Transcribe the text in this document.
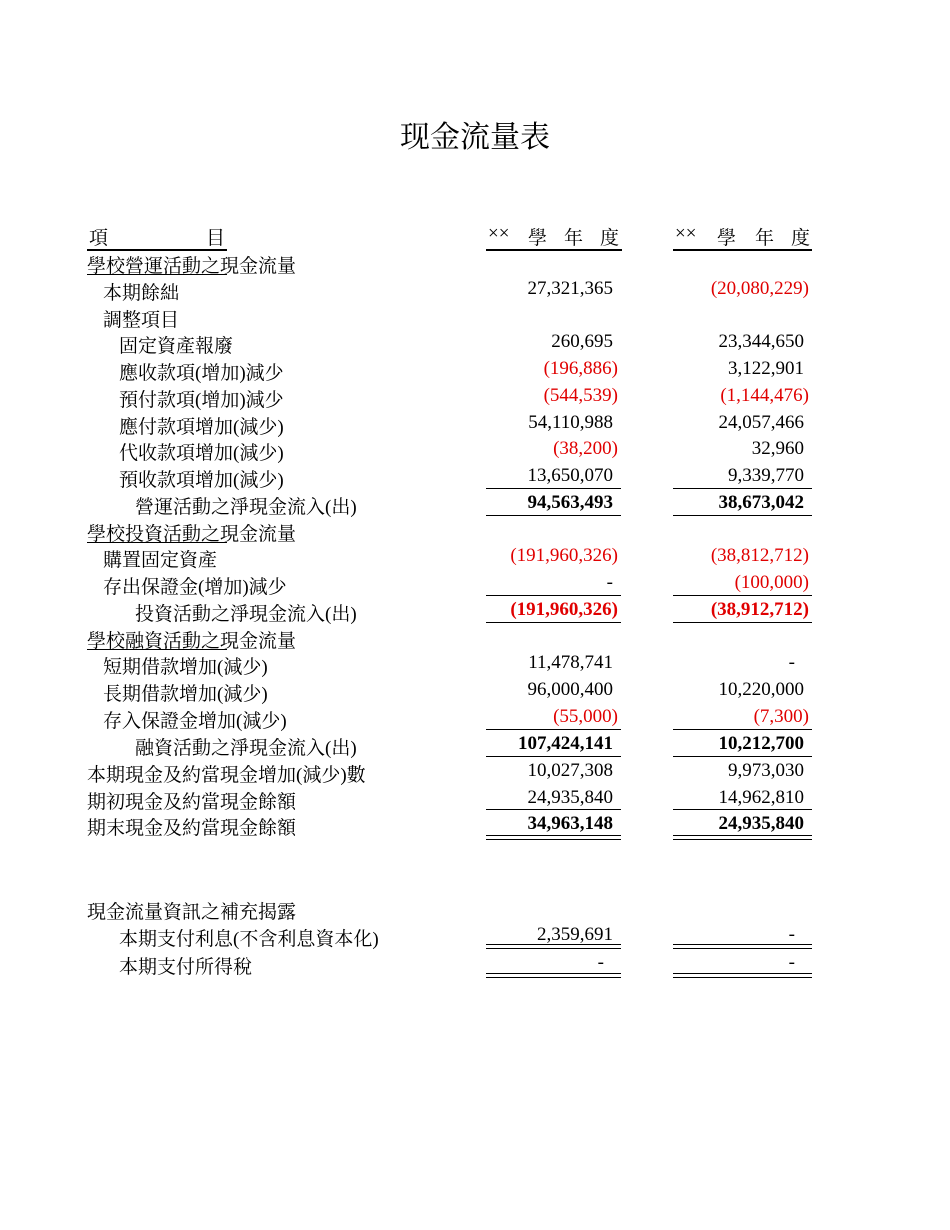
现金流量表
項	目	×× 學 年 度	×× 學 年 度
學校營運活動之現金流量
本期餘絀	27,321,365	(20,080,229)
調整項目
固定資產報廢	260,695	23,344,650
應收款項(增加)減少	(196,886)	3,122,901
預付款項(增加)減少	(544,539)	(1,144,476)
應付款項增加(減少)	54,110,988	24,057,466
代收款項增加(減少)	(38,200)	32,960
預收款項增加(減少)	13,650,070	9,339,770
營運活動之淨現金流入(出)	94,563,493	38,673,042
學校投資活動之現金流量
購置固定資產	(191,960,326)	(38,812,712)
存出保證金(增加)減少	-	(100,000)
投資活動之淨現金流入(出)	(191,960,326)	(38,912,712)
學校融資活動之現金流量
短期借款增加(減少)	11,478,741	-
長期借款增加(減少)	96,000,400	10,220,000
存入保證金增加(減少)	(55,000)	(7,300)
融資活動之淨現金流入(出)	107,424,141	10,212,700
本期現金及約當現金增加(減少)數	10,027,308	9,973,030
期初現金及約當現金餘額	24,935,840	14,962,810
期末現金及約當現金餘額	34,963,148	24,935,840
現金流量資訊之補充揭露
本期支付利息(不含利息資本化)	2,359,691	-
本期支付所得稅	-	-
